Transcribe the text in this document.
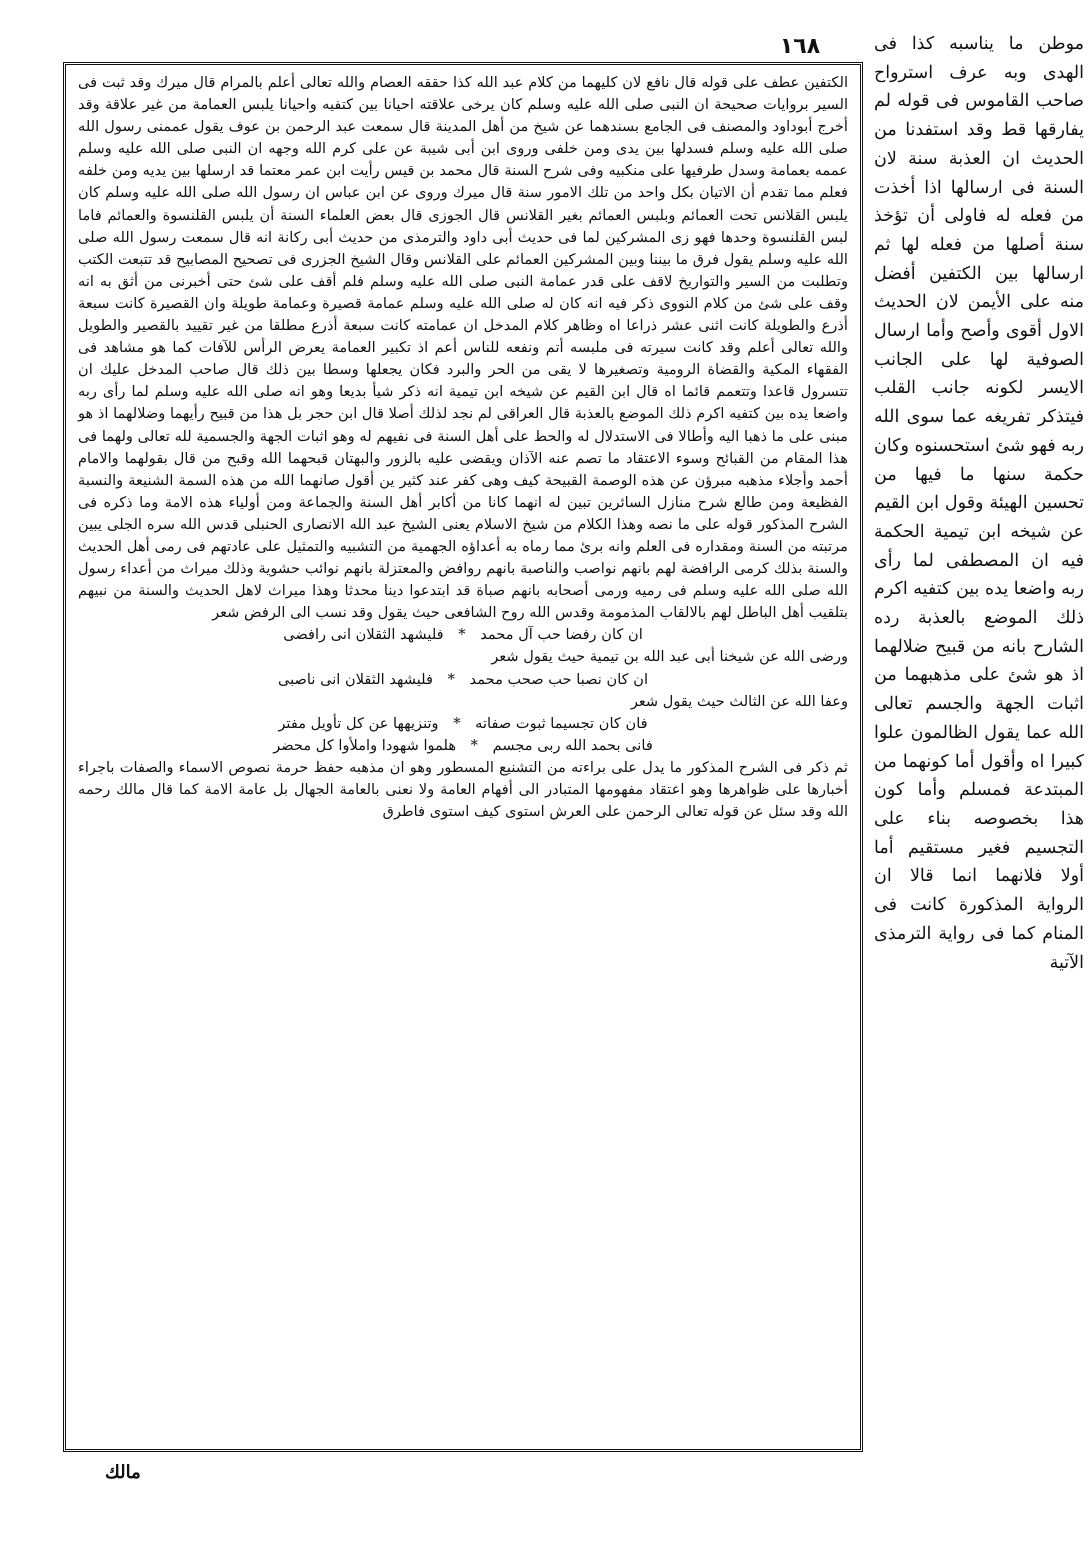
١٦٨

الكتفين عطف على قوله قال نافع لان كليهما من كلام عبد الله كذا حققه العصام والله تعالى أعلم بالمرام قال ميرك وقد ثبت فى السير بروايات صحيحة ان النبى صلى الله عليه وسلم كان يرخى علاقته احيانا بين كتفيه واحيانا يلبس العمامة من غير علاقة وقد أخرج أبوداود والمصنف فى الجامع بسندهما عن شيخ من أهل المدينة قال سمعت عبد الرحمن بن عوف يقول عممنى رسول الله صلى الله عليه وسلم فسدلها بين يدى ومن خلفى وروى ابن أبى شيبة عن على كرم الله وجهه ان النبى صلى الله عليه وسلم عممه بعمامة وسدل طرفيها على منكبيه وفى شرح السنة قال محمد بن قيس رأيت ابن عمر معتما قد ارسلها بين يديه ومن خلفه فعلم مما تقدم أن الاتيان بكل واحد من تلك الامور سنة قال ميرك وروى عن ابن عباس ان رسول الله صلى الله عليه وسلم كان يلبس القلانس تحت العمائم وبلبس العمائم بغير القلانس قال الجوزى قال بعض العلماء السنة أن يلبس القلنسوة والعمائم فاما لبس القلنسوة وحدها فهو زى المشركين لما فى حديث أبى داود والترمذى من حديث أبى ركانة انه قال سمعت رسول الله صلى الله عليه وسلم يقول فرق ما بيننا وبين المشركين العمائم على القلانس وقال الشيخ الجزرى فى تصحيح المصابيح قد تتبعت الكتب وتطلبت من السير والتواريخ لاقف على قدر عمامة النبى صلى الله عليه وسلم فلم أقف على شئ حتى أخبرنى من أثق به انه وقف على شئ من كلام النووى ذكر فيه انه كان له صلى الله عليه وسلم عمامة قصيرة وعمامة طويلة وان القصيرة كانت سبعة أذرع والطويلة كانت اثنى عشر ذراعا اه وظاهر كلام المدخل ان عمامته كانت سبعة أذرع مطلقا من غير تقييد بالقصير والطويل والله تعالى أعلم وقد كانت سيرته فى ملبسه أتم ونفعه للناس أعم اذ تكبير العمامة يعرض الرأس للآفات كما هو مشاهد فى الفقهاء المكية والقضاة الرومية وتصغيرها لا يقى من الحر والبرد فكان يجعلها وسطا بين ذلك قال صاحب المدخل عليك ان تتسرول قاعدا وتتعمم قائما اه قال ابن القيم عن شيخه ابن تيمية انه ذكر شيأ بديعا وهو انه صلى الله عليه وسلم لما رأى ربه واضعا يده بين كتفيه اكرم ذلك الموضع بالعذبة قال العراقى لم نجد لذلك أصلا قال ابن حجر بل هذا من قبيح رأيهما وضلالهما اذ هو مبنى على ما ذهبا اليه وأطالا فى الاستدلال له والحط على أهل السنة فى نفيهم له وهو اثبات الجهة والجسمية لله تعالى ولهما فى هذا المقام من القبائح وسوء الاعتقاد ما تصم عنه الآذان ويقضى عليه بالزور والبهتان قبحهما الله وقبح من قال بقولهما والامام أحمد وأجلاء مذهبه مبرؤن عن هذه الوصمة القبيحة كيف وهى كفر عند كثير ين أقول صانهما الله من هذه السمة الشنيعة والنسبة الفظيعة ومن طالع شرح منازل السائرين تبين له انهما كانا من أكابر أهل السنة والجماعة ومن أولياء هذه الامة وما ذكره فى الشرح المذكور قوله على ما نصه وهذا الكلام من شيخ الاسلام يعنى الشيخ عبد الله الانصارى الحنبلى قدس الله سره الجلى يبين مرتبته من السنة ومقداره فى العلم وانه برئ مما رماه به أعداؤه الجهمية من التشبيه والتمثيل على عادتهم فى رمى أهل الحديث والسنة بذلك كرمى الرافضة لهم بانهم نواصب والناصبة بانهم روافض والمعتزلة بانهم نوائب حشوية وذلك ميراث من أعداء رسول الله صلى الله عليه وسلم فى رميه ورمى أصحابه بانهم صباة قد ابتدعوا دينا محدثا وهذا ميراث لاهل الحديث والسنة من نبيهم بتلقيب أهل الباطل لهم بالالقاب المذمومة وقدس الله روح الشافعى حيث يقول وقد نسب الى الرفض شعر

ان كان رفضا حب آل محمد * فليشهد الثقلان انى رافضى

ورضى الله عن شيخنا أبى عبد الله بن تيمية حيث يقول شعر

ان كان نصبا حب صحب محمد * فليشهد الثقلان انى ناصبى

وعفا الله عن الثالث حيث يقول شعر

فان كان تجسيما ثبوت صفاته * وتنزيهها عن كل تأويل مفتر
فانى بحمد الله ربى مجسم * هلموا شهودا واملأوا كل محضر

ثم ذكر فى الشرح المذكور ما يدل على براءته من التشنيع المسطور وهو ان مذهبه حفظ حرمة نصوص الاسماء والصفات باجراء أخبارها على ظواهرها وهو اعتقاد مفهومها المتبادر الى أفهام العامة ولا نعنى بالعامة الجهال بل عامة الامة كما قال مالك رحمه الله وقد سئل عن قوله تعالى الرحمن على العرش استوى كيف استوى فاطرق

موطن ما يناسبه كذا فى الهدى وبه عرف استرواح صاحب القاموس فى قوله لم يفارقها قط وقد استفدنا من الحديث ان العذبة سنة لان السنة فى ارسالها اذا أخذت من فعله له فاولى أن تؤخذ سنة أصلها من فعله لها ثم ارسالها بين الكتفين أفضل منه على الأيمن لان الحديث الاول أقوى وأصح وأما ارسال الصوفية لها على الجانب الايسر لكونه جانب القلب فيتذكر تفريغه عما سوى الله ربه فهو شئ استحسنوه وكان حكمة سنها ما فيها من تحسين الهيئة وقول ابن القيم عن شيخه ابن تيمية الحكمة فيه ان المصطفى لما رأى ربه واضعا يده بين كتفيه اكرم ذلك الموضع بالعذبة رده الشارح بانه من قبيح ضلالهما اذ هو شئ على مذهبهما من اثبات الجهة والجسم تعالى الله عما يقول الظالمون علوا كبيرا اه وأقول أما كونهما من المبتدعة فمسلم وأما كون هذا بخصوصه بناء على التجسيم فغير مستقيم أما أولا فلانهما انما قالا ان الرواية المذكورة كانت فى المنام كما فى رواية الترمذى الآتية
مالك
